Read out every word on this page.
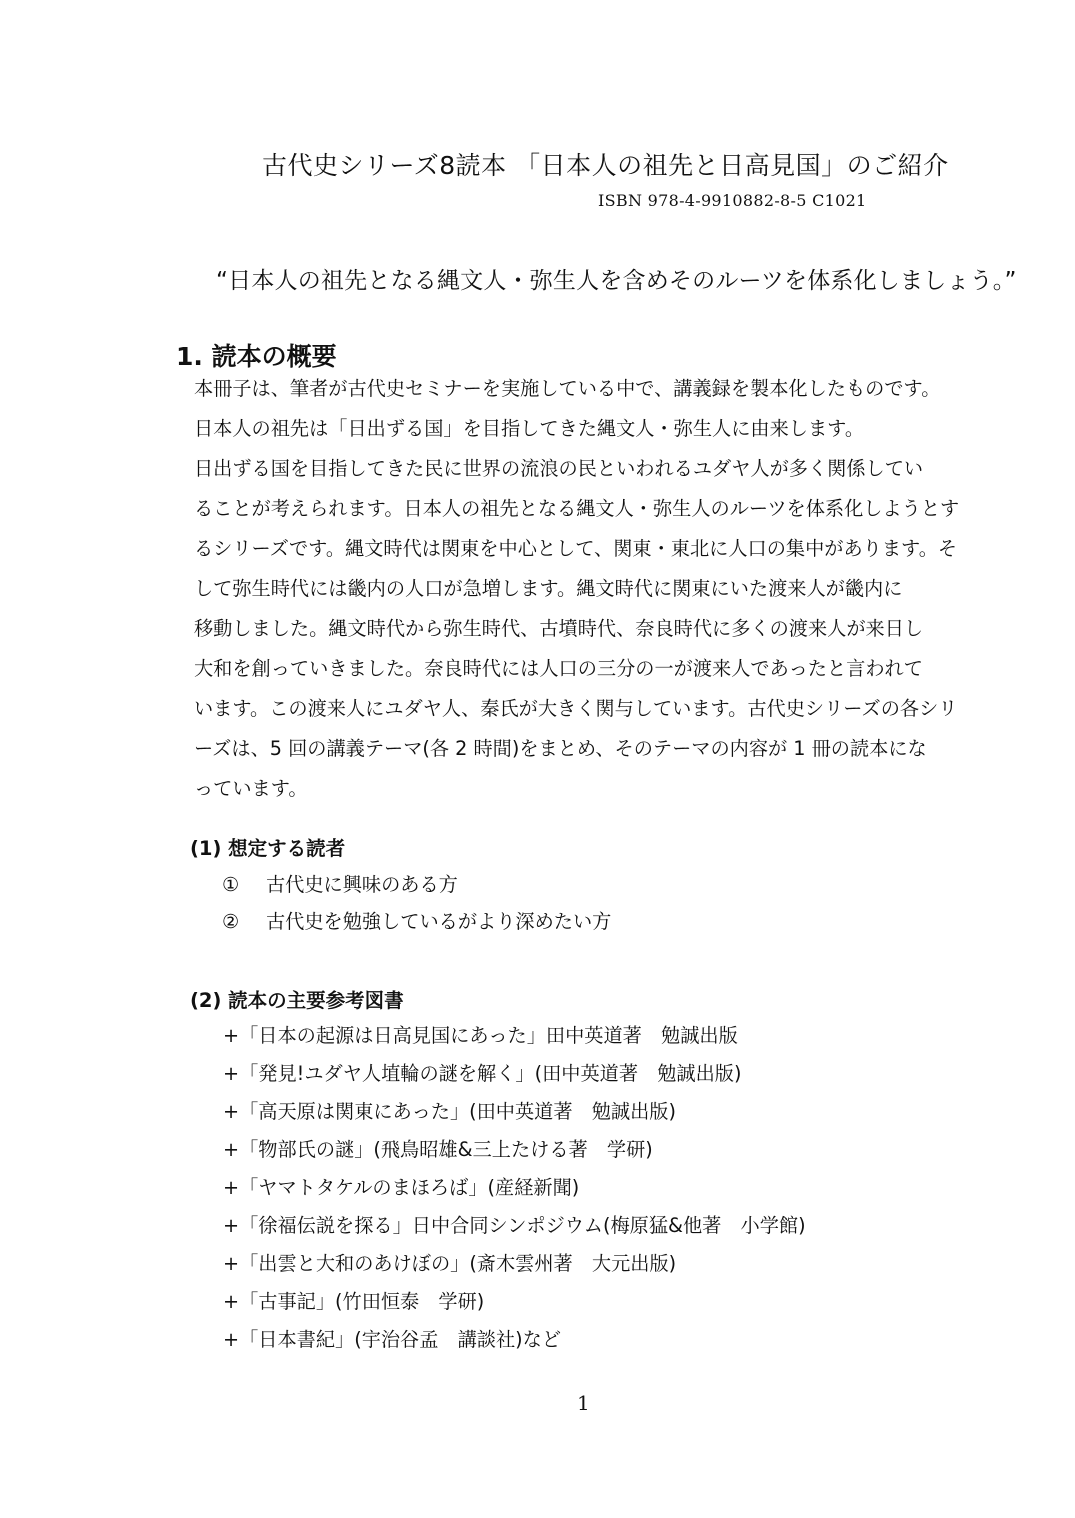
古代史シリーズ8読本 「日本人の祖先と日高見国」のご紹介
ISBN 978-4-9910882-8-5 C1021
“日本人の祖先となる縄文人・弥生人を含めそのルーツを体系化しましょう。”
1. 読本の概要
本冊子は、筆者が古代史セミナーを実施している中で、講義録を製本化したものです。
日本人の祖先は「日出ずる国」を目指してきた縄文人・弥生人に由来します。
日出ずる国を目指してきた民に世界の流浪の民といわれるユダヤ人が多く関係してい
ることが考えられます。日本人の祖先となる縄文人・弥生人のルーツを体系化しようとす
るシリーズです。縄文時代は関東を中心として、関東・東北に人口の集中があります。そ
して弥生時代には畿内の人口が急増します。縄文時代に関東にいた渡来人が畿内に
移動しました。縄文時代から弥生時代、古墳時代、奈良時代に多くの渡来人が来日し
大和を創っていきました。奈良時代には人口の三分の一が渡来人であったと言われて
います。この渡来人にユダヤ人、秦氏が大きく関与しています。古代史シリーズの各シリ
ーズは、5 回の講義テーマ(各 2 時間)をまとめ、そのテーマの内容が 1 冊の読本にな
っています。
(1) 想定する読者
① 古代史に興味のある方
② 古代史を勉強しているがより深めたい方
(2) 読本の主要参考図書
+「日本の起源は日高見国にあった」田中英道著　勉誠出版
+「発見!ユダヤ人埴輪の謎を解く」(田中英道著　勉誠出版)
+「高天原は関東にあった」(田中英道著　勉誠出版)
+「物部氏の謎」(飛鳥昭雄&三上たける著　学研)
+「ヤマトタケルのまほろば」(産経新聞)
+「徐福伝説を探る」日中合同シンポジウム(梅原猛&他著　小学館)
+「出雲と大和のあけぼの」(斎木雲州著　大元出版)
+「古事記」(竹田恒泰　学研)
+「日本書紀」(宇治谷孟　講談社)など
1
